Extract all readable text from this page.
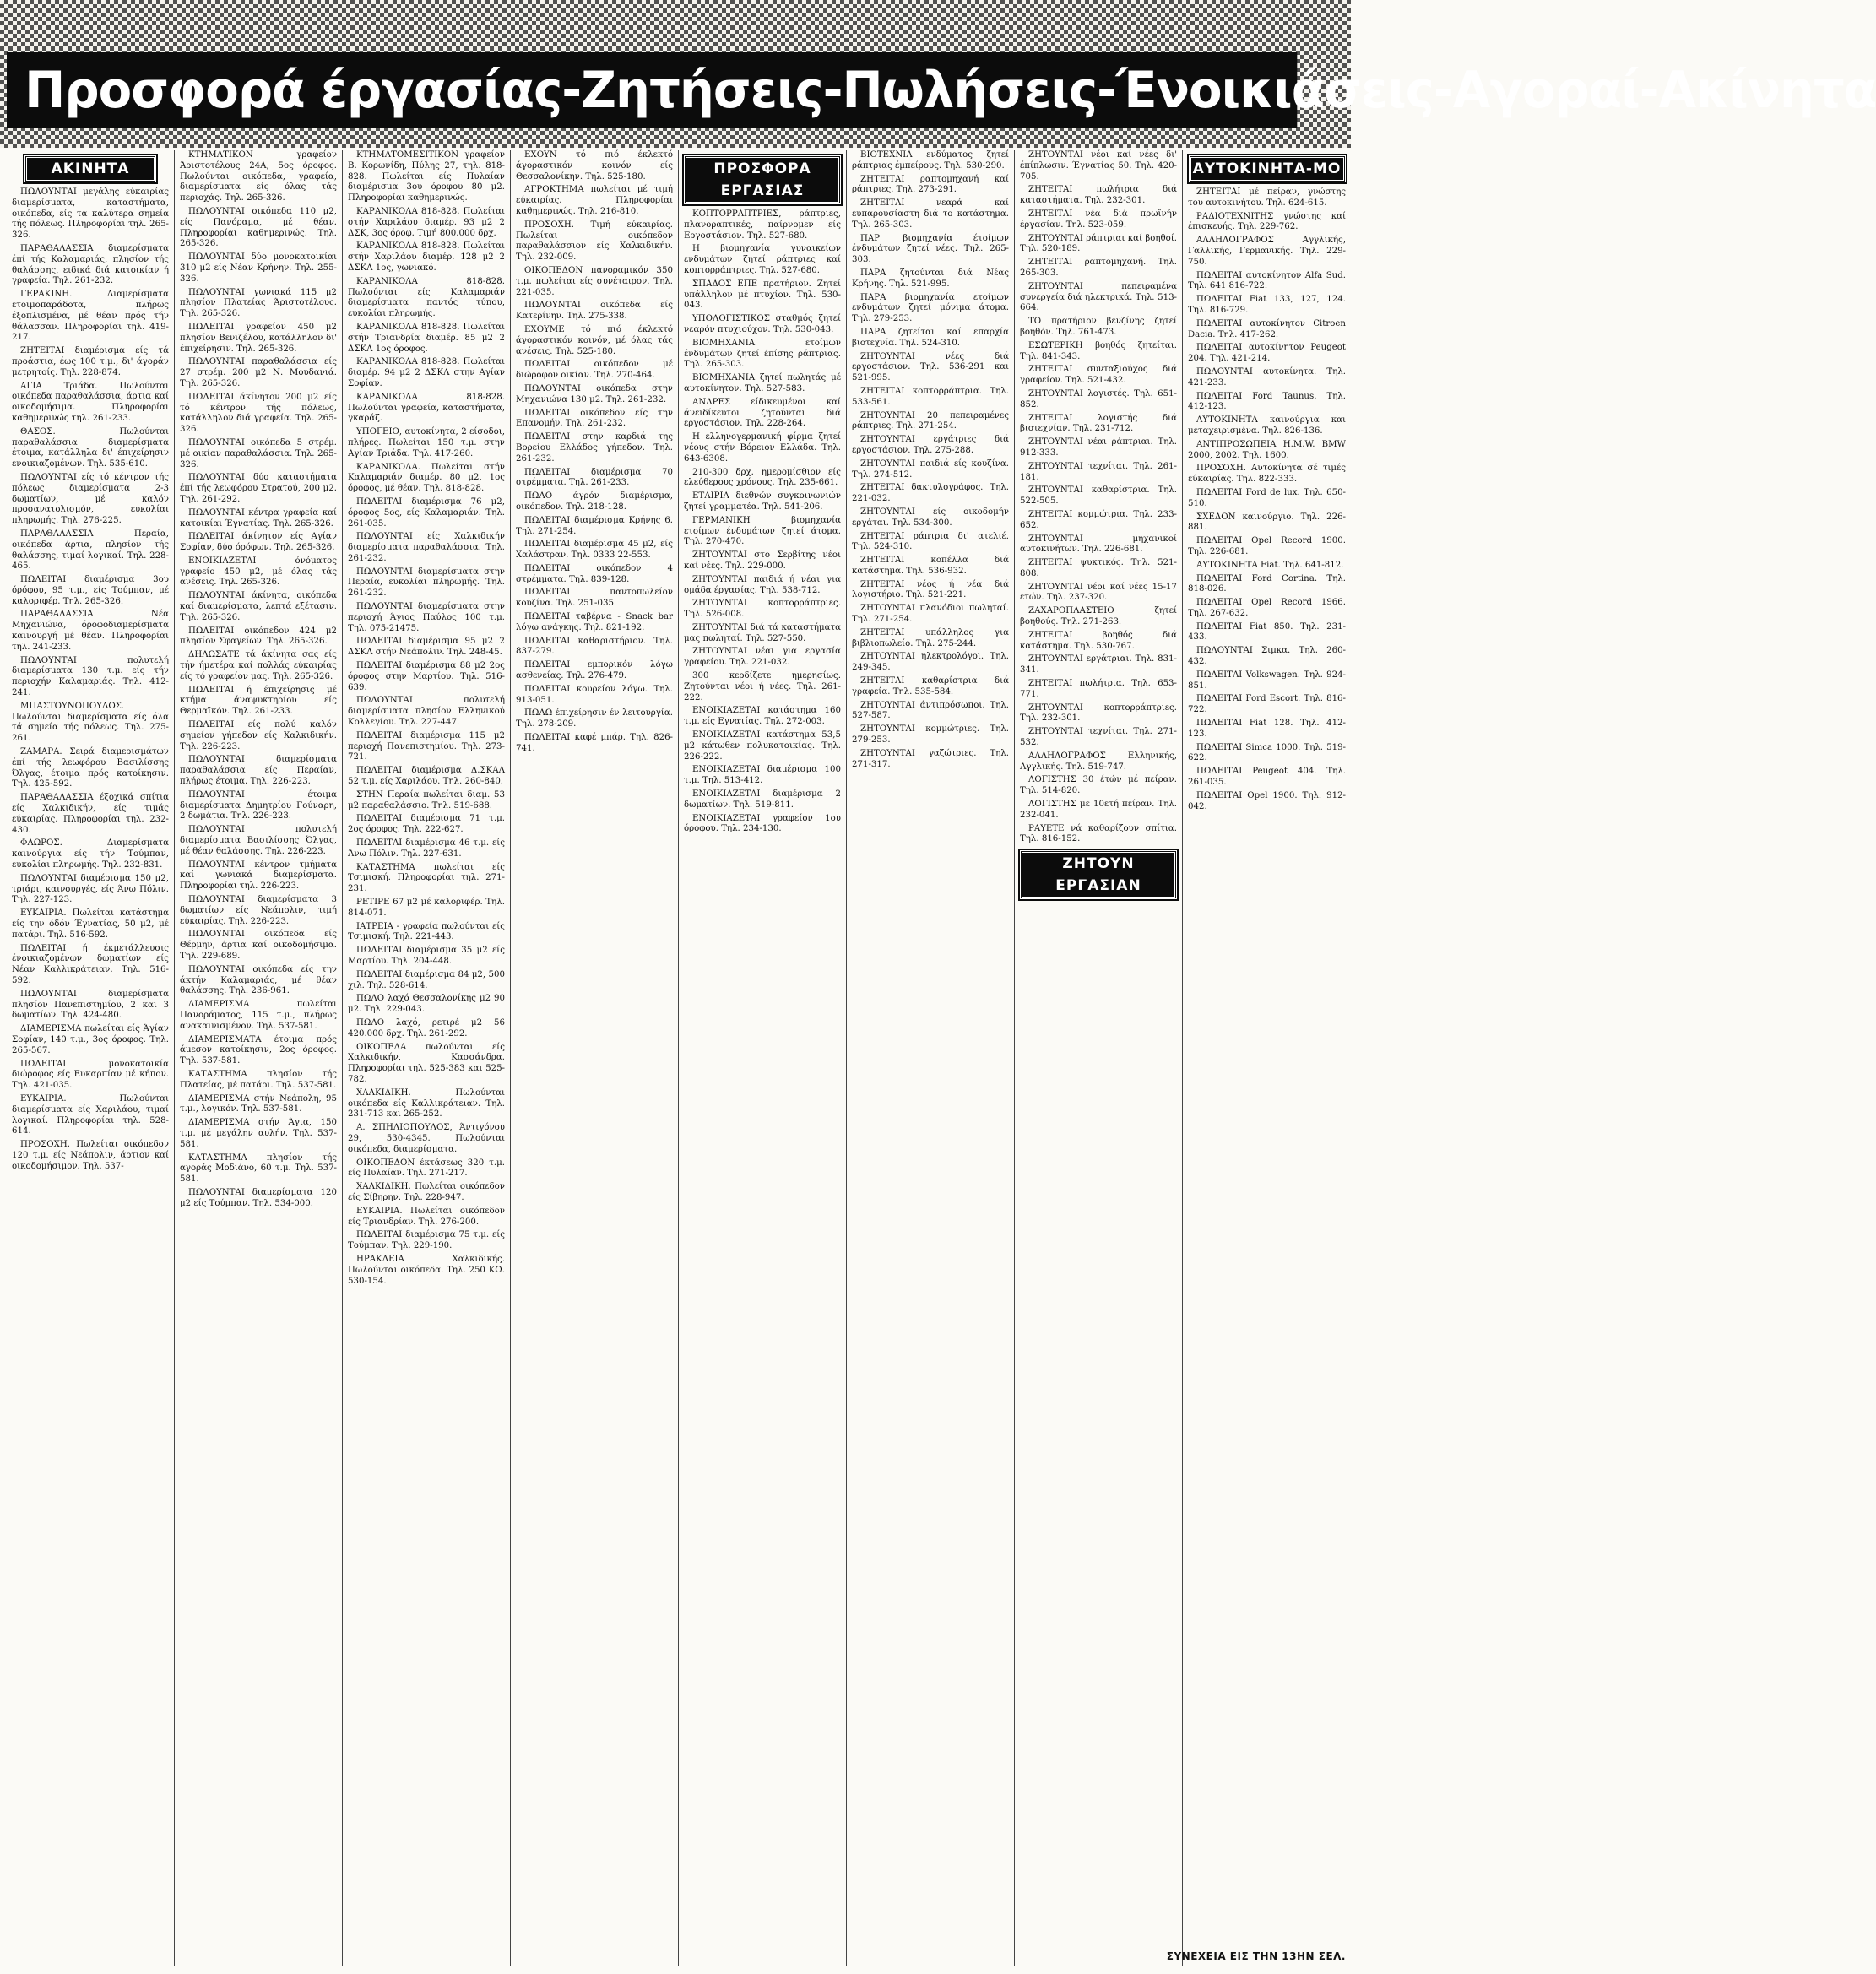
Προσφορά έργασίας-Ζητήσεις-Πωλήσεις-Ένοικιάσεις-Αγοραί-Ακίνητα
ΑΚΙΝΗΤΑ

ΠΩΛΟΥΝΤΑΙ μεγάλης εύκαιρίας διαμερίσματα, καταστήματα, οικόπεδα, είς τα καλύτερα σημεία τής πόλεως. Πληροφορίαι τηλ. 265-326.

ΠΑΡΑΘΑΛΑΣΣΙΑ διαμερίσματα έπί τής Καλαμαριάς, πλησίον τής θαλάσσης, ειδικά διά κατοικίαν ή γραφεία. Τηλ. 261-232.

ΓΕΡΑΚΙΝΗ. Διαμερίσματα ετοιμοπαράδοτα, πλήρως έξοπλισμένα, μέ θέαν πρός τήν θάλασσαν. Πληροφορίαι τηλ. 419-217.

ΖΗΤΕΙΤΑΙ διαμέρισμα είς τά προάστια, έως 100 τ.μ., δι' άγοράν μετρητοίς. Τηλ. 228-874.

ΑΓΙΑ Τριάδα. Πωλούνται οικόπεδα παραθαλάσσια, άρτια καί οικοδομήσιμα. Πληροφορίαι καθημερινώς τηλ. 261-233.

ΘΑΣΟΣ. Πωλούνται παραθαλάσσια διαμερίσματα έτοιμα, κατάλληλα δι' έπιχείρησιν ενοικιαζομένων. Τηλ. 535-610.

ΠΩΛΟΥΝΤΑΙ είς τό κέντρον τής πόλεως διαμερίσματα 2-3 δωματίων, μέ καλόν προσανατολισμόν, ευκολίαι πληρωμής. Τηλ. 276-225.

ΠΑΡΑΘΑΛΑΣΣΙΑ Περαία, οικόπεδα άρτια, πλησίον τής θαλάσσης, τιμαί λογικαί. Τηλ. 228-465.

ΠΩΛΕΙΤΑΙ διαμέρισμα 3ου όρόφου, 95 τ.μ., είς Τούμπαν, μέ καλοριφέρ. Τηλ. 265-326.

ΠΑΡΑΘΑΛΑΣΣΙΑ Νέα Μηχανιώνα, όροφοδιαμερίσματα καινουργή μέ θέαν. Πληροφορίαι τηλ. 241-233.

ΠΩΛΟΥΝΤΑΙ πολυτελή διαμερίσματα 130 τ.μ. είς τήν περιοχήν Καλαμαριάς. Τηλ. 412-241.

ΜΠΑΣΤΟΥΝΟΠΟΥΛΟΣ. Πωλούνται διαμερίσματα είς όλα τά σημεία τής πόλεως. Τηλ. 275-261.

ΖΑΜΑΡΑ. Σειρά διαμερισμάτων έπί τής λεωφόρου Βασιλίσσης Όλγας, έτοιμα πρός κατοίκησιν. Τηλ. 425-592.

ΠΑΡΑΘΑΛΑΣΣΙΑ έξοχικά σπίτια είς Χαλκιδικήν, είς τιμάς εύκαιρίας. Πληροφορίαι τηλ. 232-430.

ΦΛΩΡΟΣ. Διαμερίσματα καινούργια είς τήν Τούμπαν, ευκολίαι πληρωμής. Τηλ. 232-831.

ΠΩΛΟΥΝΤΑΙ διαμέρισμα 150 μ2, τριάρι, καινουργές, είς Άνω Πόλιν. Τηλ. 227-123.

ΕΥΚΑΙΡΙΑ. Πωλείται κατάστημα είς την όδόν Έγνατίας, 50 μ2, μέ πατάρι. Τηλ. 516-592.

ΠΩΛΕΙΤΑΙ ή έκμετάλλευσις ένοικιαζομένων δωματίων είς Νέαν Καλλικράτειαν. Τηλ. 516-592.

ΠΩΛΟΥΝΤΑΙ διαμερίσματα πλησίον Πανεπιστημίου, 2 και 3 δωματίων. Τηλ. 424-480.

ΔΙΑΜΕΡΙΣΜΑ πωλείται είς Άγίαν Σοφίαν, 140 τ.μ., 3ος όροφος. Τηλ. 265-567.

ΠΩΛΕΙΤΑΙ μονοκατοικία διώροφος είς Ευκαρπίαν μέ κήπον. Τηλ. 421-035.

ΕΥΚΑΙΡΙΑ. Πωλούνται διαμερίσματα είς Χαριλάου, τιμαί λογικαί. Πληροφορίαι τηλ. 528-614.

ΠΡΟΣΟΧΗ. Πωλείται οικόπεδον 120 τ.μ. είς Νεάπολιν, άρτιον καί οικοδομήσιμον. Τηλ. 537-

ΚΤΗΜΑΤΙΚΟΝ γραφείον Άριστοτέλους 24Α, 5ος όροφος. Πωλούνται οικόπεδα, γραφεία, διαμερίσματα είς όλας τάς περιοχάς. Τηλ. 265-326.

ΠΩΛΟΥΝΤΑΙ οικόπεδα 110 μ2, είς Πανόραμα, μέ θέαν. Πληροφορίαι καθημερινώς. Τηλ. 265-326.

ΠΩΛΟΥΝΤΑΙ δύο μονοκατοικίαι 310 μ2 είς Νέαν Κρήνην. Τηλ. 255-326.

ΠΩΛΟΥΝΤΑΙ γωνιακά 115 μ2 πλησίον Πλατείας Άριστοτέλους. Τηλ. 265-326.

ΠΩΛΕΙΤΑΙ γραφείον 450 μ2 πλησίον Βενιζέλου, κατάλληλον δι' έπιχείρησιν. Τηλ. 265-326.

ΠΩΛΟΥΝΤΑΙ παραθαλάσσια είς 27 στρέμ. 200 μ2 Ν. Μουδανιά. Τηλ. 265-326.

ΠΩΛΕΙΤΑΙ άκίνητον 200 μ2 είς τό κέντρον τής πόλεως, κατάλληλον διά γραφεία. Τηλ. 265-326.

ΠΩΛΟΥΝΤΑΙ οικόπεδα 5 στρέμ. μέ οικίαν παραθαλάσσια. Τηλ. 265-326.

ΠΩΛΟΥΝΤΑΙ δύο καταστήματα έπί τής λεωφόρου Στρατού, 200 μ2. Τηλ. 261-292.

ΠΩΛΟΥΝΤΑΙ κέντρα γραφεία καί κατοικίαι Έγνατίας. Τηλ. 265-326.

ΠΩΛΕΙΤΑΙ άκίνητον είς Αγίαν Σοφίαν, δύο όρόφων. Τηλ. 265-326.

ΕΝΟΙΚΙΑΖΕΤΑΙ όνόματος γραφείο 450 μ2, μέ όλας τάς ανέσεις. Τηλ. 265-326.

ΠΩΛΟΥΝΤΑΙ άκίνητα, οικόπεδα καί διαμερίσματα, λεπτά εξέτασιν. Τηλ. 265-326.

ΠΩΛΕΙΤΑΙ οικόπεδον 424 μ2 πλησίον Σφαγείων. Τηλ. 265-326.

ΔΗΛΩΣΑΤΕ τά άκίνητα σας είς τήν ήμετέρα καί πολλάς εύκαιρίας είς τό γραφείον μας. Τηλ. 265-326.

ΠΩΛΕΙΤΑΙ ή έπιχείρησις μέ κτήμα άναψυκτηρίου είς Θερμαϊκόν. Τηλ. 261-233.

ΠΩΛΕΙΤΑΙ είς πολύ καλόν σημείον γήπεδον είς Χαλκιδικήν. Τηλ. 226-223.

ΠΩΛΟΥΝΤΑΙ διαμερίσματα παραθαλάσσια είς Περαίαν, πλήρως έτοιμα. Τηλ. 226-223.

ΠΩΛΟΥΝΤΑΙ έτοιμα διαμερίσματα Δημητρίου Γούναρη, 2 δωμάτια. Τηλ. 226-223.

ΠΩΛΟΥΝΤΑΙ πολυτελή διαμερίσματα Βασιλίσσης Όλγας, μέ θέαν θαλάσσης. Τηλ. 226-223.

ΠΩΛΟΥΝΤΑΙ κέντρον τμήματα καί γωνιακά διαμερίσματα. Πληροφορίαι τηλ. 226-223.

ΠΩΛΟΥΝΤΑΙ διαμερίσματα 3 δωματίων είς Νεάπολιν, τιμή εύκαιρίας. Τηλ. 226-223.

ΠΩΛΟΥΝΤΑΙ οικόπεδα είς Θέρμην, άρτια καί οικοδομήσιμα. Τηλ. 229-689.

ΠΩΛΟΥΝΤΑΙ οικόπεδα είς την άκτήν Καλαμαριάς, μέ θέαν θαλάσσης. Τηλ. 236-961.

ΔΙΑΜΕΡΙΣΜΑ πωλείται Πανοράματος, 115 τ.μ., πλήρως ανακαινισμένον. Τηλ. 537-581.

ΔΙΑΜΕΡΙΣΜΑΤΑ έτοιμα πρός άμεσον κατοίκησιν, 2ος όροφος. Τηλ. 537-581.

ΚΑΤΑΣΤΗΜΑ πλησίον τής Πλατείας, μέ πατάρι. Τηλ. 537-581.

ΔΙΑΜΕΡΙΣΜΑ στήν Νεάπολη, 95 τ.μ., λογικόν. Τηλ. 537-581.

ΔΙΑΜΕΡΙΣΜΑ στήν Άγια, 150 τ.μ. μέ μεγάλην αυλήν. Τηλ. 537-581.

ΚΑΤΑΣΤΗΜΑ πλησίον τής αγοράς Μοδιάνο, 60 τ.μ. Τηλ. 537-581.

ΠΩΛΟΥΝΤΑΙ διαμερίσματα 120 μ2 είς Τούμπαν. Τηλ. 534-000.

ΚΤΗΜΑΤΟΜΕΣΙΤΙΚΟΝ γραφείον Β. Κορωνίδη, Πύλης 27, τηλ. 818-828. Πωλείται είς Πυλαίαν διαμέρισμα 3ου όροφου 80 μ2. Πληροφορίαι καθημερινώς.

ΚΑΡΑΝΙΚΟΛΑ 818-828. Πωλείται στήν Χαριλάου διαμέρ. 93 μ2 2 ΔΣΚ, 3ος όροφ. Τιμή 800.000 δρχ.

ΚΑΡΑΝΙΚΟΛΑ 818-828. Πωλείται στήν Χαριλάου διαμέρ. 128 μ2 2 ΔΣΚΛ 1ος, γωνιακό.

ΚΑΡΑΝΙΚΟΛΑ 818-828. Πωλούνται είς Καλαμαριάν διαμερίσματα παντός τύπου, ευκολίαι πληρωμής.

ΚΑΡΑΝΙΚΟΛΑ 818-828. Πωλείται στήν Τριανδρία διαμέρ. 85 μ2 2 ΔΣΚΛ 1ος όροφος.

ΚΑΡΑΝΙΚΟΛΑ 818-828. Πωλείται διαμέρ. 94 μ2 2 ΔΣΚΛ στην Αγίαν Σοφίαν.

ΚΑΡΑΝΙΚΟΛΑ 818-828. Πωλούνται γραφεία, καταστήματα, γκαράζ.

ΥΠΟΓΕΙΟ, αυτοκίνητα, 2 είσοδοι, πλήρες. Πωλείται 150 τ.μ. στην Αγίαν Τριάδα. Τηλ. 417-260.

ΚΑΡΑΝΙΚΟΛΑ. Πωλείται στήν Καλαμαριάν διαμέρ. 80 μ2, 1ος όροφος, μέ θέαν. Τηλ. 818-828.

ΠΩΛΕΙΤΑΙ διαμέρισμα 76 μ2, όροφος 5ος, είς Καλαμαριάν. Τηλ. 261-035.

ΠΩΛΟΥΝΤΑΙ είς Χαλκιδικήν διαμερίσματα παραθαλάσσια. Τηλ. 261-232.

ΠΩΛΟΥΝΤΑΙ διαμερίσματα στην Περαία, ευκολίαι πληρωμής. Τηλ. 261-232.

ΠΩΛΟΥΝΤΑΙ διαμερίσματα στην περιοχή Άγιος Παύλος 100 τ.μ. Τηλ. 075-21475.

ΠΩΛΕΙΤΑΙ διαμέρισμα 95 μ2 2 ΔΣΚΛ στήν Νεάπολιν. Τηλ. 248-45.

ΠΩΛΕΙΤΑΙ διαμέρισμα 88 μ2 2ος όροφος στην Μαρτίου. Τηλ. 516-639.

ΠΩΛΟΥΝΤΑΙ πολυτελή διαμερίσματα πλησίον Ελληνικού Κολλεγίου. Τηλ. 227-447.

ΠΩΛΕΙΤΑΙ διαμέρισμα 115 μ2 περιοχή Πανεπιστημίου. Τηλ. 273-721.

ΠΩΛΕΙΤΑΙ διαμέρισμα Δ.ΣΚΑΛ 52 τ.μ. είς Χαριλάου. Τηλ. 260-840.

ΣΤΗΝ Περαία πωλείται διαμ. 53 μ2 παραθαλάσσιο. Τηλ. 519-688.

ΠΩΛΕΙΤΑΙ διαμέρισμα 71 τ.μ. 2ος όροφος. Τηλ. 222-627.

ΠΩΛΕΙΤΑΙ διαμέρισμα 46 τ.μ. είς Άνω Πόλιν. Τηλ. 227-631.

ΚΑΤΑΣΤΗΜΑ πωλείται είς Τσιμισκή. Πληροφορίαι τηλ. 271-231.

ΡΕΤΙΡΕ 67 μ2 μέ καλοριφέρ. Τηλ. 814-071.

ΙΑΤΡΕΙΑ - γραφεία πωλούνται είς Τσιμισκή. Τηλ. 221-443.

ΠΩΛΕΙΤΑΙ διαμέρισμα 35 μ2 είς Μαρτίου. Τηλ. 204-448.

ΠΩΛΕΙΤΑΙ διαμέρισμα 84 μ2, 500 χιλ. Τηλ. 528-614.

ΠΩΛΟ λαχό Θεσσαλονίκης μ2 90 μ2. Τηλ. 229-043.

ΠΩΛΟ λαχό, ρετιρέ μ2 56 420.000 δρχ. Τηλ. 261-292.

ΟΙΚΟΠΕΔΑ πωλούνται είς Χαλκιδικήν, Κασσάνδρα. Πληροφορίαι τηλ. 525-383 και 525-782.

ΧΑΛΚΙΔΙΚΗ. Πωλούνται οικόπεδα είς Καλλικράτειαν. Τηλ. 231-713 και 265-252.

Α. ΣΠΗΛΙΟΠΟΥΛΟΣ, Άντιγόνου 29, 530-4345. Πωλούνται οικόπεδα, διαμερίσματα.

ΟΙΚΟΠΕΔΟΝ έκτάσεως 320 τ.μ. είς Πυλαίαν. Τηλ. 271-217.

ΧΑΛΚΙΔΙΚΗ. Πωλείται οικόπεδον είς Σίβηρην. Τηλ. 228-947.

ΕΥΚΑΙΡΙΑ. Πωλείται οικόπεδον είς Τριανδρίαν. Τηλ. 276-200.

ΠΩΛΕΙΤΑΙ διαμέρισμα 75 τ.μ. είς Τούμπαν. Τηλ. 229-190.

ΗΡΑΚΛΕΙΑ Χαλκιδικής. Πωλούνται οικόπεδα. Τηλ. 250 ΚΩ. 530-154.

ΕΧΟΥΝ τό πιό έκλεκτό άγοραστικόν κοινόν είς Θεσσαλονίκην. Τηλ. 525-180.

ΑΓΡΟΚΤΗΜΑ πωλείται μέ τιμή εύκαιρίας. Πληροφορίαι καθημερινώς. Τηλ. 216-810.

ΠΡΟΣΟΧΗ. Τιμή εύκαιρίας. Πωλείται οικόπεδον παραθαλάσσιον είς Χαλκιδικήν. Τηλ. 232-009.

ΟΙΚΟΠΕΔΟΝ πανοραμικόν 350 τ.μ. πωλείται είς συνέταιρον. Τηλ. 221-035.

ΠΩΛΟΥΝΤΑΙ οικόπεδα είς Κατερίνην. Τηλ. 275-338.

ΕΧΟΥΜΕ τό πιό έκλεκτό άγοραστικόν κοινόν, μέ όλας τάς ανέσεις. Τηλ. 525-180.

ΠΩΛΕΙΤΑΙ οικόπεδον μέ διώροφον οικίαν. Τηλ. 270-464.

ΠΩΛΟΥΝΤΑΙ οικόπεδα στην Μηχανιώνα 130 μ2. Τηλ. 261-232.

ΠΩΛΕΙΤΑΙ οικόπεδον είς την Επανομήν. Τηλ. 261-232.

ΠΩΛΕΙΤΑΙ στην καρδιά της Βορείου Ελλάδος γήπεδον. Τηλ. 261-232.

ΠΩΛΕΙΤΑΙ διαμέρισμα 70 στρέμματα. Τηλ. 261-233.

ΠΩΛΟ άγρόν διαμέρισμα, οικόπεδον. Τηλ. 218-128.

ΠΩΛΕΙΤΑΙ διαμέρισμα Κρήνης 6. Τηλ. 271-254.

ΠΩΛΕΙΤΑΙ διαμέρισμα 45 μ2, είς Χαλάστραν. Τηλ. 0333 22-553.

ΠΩΛΕΙΤΑΙ οικόπεδον 4 στρέμματα. Τηλ. 839-128.

ΠΩΛΕΙΤΑΙ παντοπωλείον κουζίνα. Τηλ. 251-035.

ΠΩΛΕΙΤΑΙ ταβέρνα - Snack bar λόγω ανάγκης. Τηλ. 821-192.

ΠΩΛΕΙΤΑΙ καθαριστήριον. Τηλ. 837-279.

ΠΩΛΕΙΤΑΙ εμπορικόν λόγω ασθενείας. Τηλ. 276-479.

ΠΩΛΕΙΤΑΙ κουρείον λόγω. Τηλ. 913-051.

ΠΩΛΩ έπιχείρησιν έν λειτουργία. Τηλ. 278-209.

ΠΩΛΕΙΤΑΙ καφέ μπάρ. Τηλ. 826-741.

ΠΡΟΣΦΟΡΑ ΕΡΓΑΣΙΑΣ

ΚΟΠΤΟΡΡΑΠΤΡΙΕΣ, ράπτριες, πλανοραπτικές, παίρνομεν είς Εργοστάσιον. Τηλ. 527-680.

Η βιομηχανία γυναικείων ενδυμάτων ζητεί ράπτριες καί κοπτορράπτριες. Τηλ. 527-680.

ΣΠΑΔΟΣ ΕΠΕ πρατήριον. Ζητεί υπάλληλον μέ πτυχίον. Τηλ. 530-043.

ΥΠΟΛΟΓΙΣΤΙΚΟΣ σταθμός ζητεί νεαρόν πτυχιούχον. Τηλ. 530-043.

ΒΙΟΜΗΧΑΝΙΑ ετοίμων ένδυμάτων ζητεί έπίσης ράπτριας. Τηλ. 265-303.

ΒΙΟΜΗΧΑΝΙΑ ζητεί πωλητάς μέ αυτοκίνητον. Τηλ. 527-583.

ΑΝΔΡΕΣ είδικευμένοι καί άνειδίκευτοι ζητούνται διά εργοστάσιον. Τηλ. 228-264.

Η ελληνογερμανική φίρμα ζητεί νέους στήν Βόρειον Ελλάδα. Τηλ. 643-6308.

210-300 δρχ. ημερομίσθιον είς ελεύθερους χρόνους. Τηλ. 235-661.

ΕΤΑΙΡΙΑ διεθνών συγκοινωνιών ζητεί γραμματέα. Τηλ. 541-206.

ΓΕΡΜΑΝΙΚΗ βιομηχανία ετοίμων ένδυμάτων ζητεί άτομα. Τηλ. 270-470.

ΖΗΤΟΥΝΤΑΙ στο Σερβίτης νέοι καί νέες. Τηλ. 229-000.

ΖΗΤΟΥΝΤΑΙ παιδιά ή νέαι για ομάδα έργασίας. Τηλ. 538-712.

ΖΗΤΟΥΝΤΑΙ κοπτορράπτριες. Τηλ. 526-008.

ΖΗΤΟΥΝΤΑΙ διά τά καταστήματα μας πωληταί. Τηλ. 527-550.

ΖΗΤΟΥΝΤΑΙ νέαι για εργασία γραφείου. Τηλ. 221-032.

300 κερδίζετε ημερησίως. Ζητούνται νέοι ή νέες. Τηλ. 261-222.

ΕΝΟΙΚΙΑΖΕΤΑΙ κατάστημα 160 τ.μ. είς Εγνατίας. Τηλ. 272-003.

ΕΝΟΙΚΙΑΖΕΤΑΙ κατάστημα 53,5 μ2 κάτωθεν πολυκατοικίας. Τηλ. 226-222.

ΕΝΟΙΚΙΑΖΕΤΑΙ διαμέρισμα 100 τ.μ. Τηλ. 513-412.

ΕΝΟΙΚΙΑΖΕΤΑΙ διαμέρισμα 2 δωματίων. Τηλ. 519-811.

ΕΝΟΙΚΙΑΖΕΤΑΙ γραφείον 1ου όροφου. Τηλ. 234-130.

ΒΙΟΤΕΧΝΙΑ ενδύματος ζητεί ράπτριας έμπείρους. Τηλ. 530-290.

ΖΗΤΕΙΤΑΙ ραπτομηχανή καί ράπτριες. Τηλ. 273-291.

ΖΗΤΕΙΤΑΙ νεαρά καί ευπαρουσίαστη διά το κατάστημα. Τηλ. 265-303.

ΠΑΡ' βιομηχανία έτοίμων ένδυμάτων ζητεί νέες. Τηλ. 265-303.

ΠΑΡΑ ζητούνται διά Νέας Κρήνης. Τηλ. 521-995.

ΠΑΡΑ βιομηχανία ετοίμων ενδυμάτων ζητεί μόνιμα άτομα. Τηλ. 279-253.

ΠΑΡΑ ζητείται καί επαρχία βιοτεχνία. Τηλ. 524-310.

ΖΗΤΟΥΝΤΑΙ νέες διά εργοστάσιον. Τηλ. 536-291 και 521-995.

ΖΗΤΕΙΤΑΙ κοπτορράπτρια. Τηλ. 533-561.

ΖΗΤΟΥΝΤΑΙ 20 πεπειραμένες ράπτριες. Τηλ. 271-254.

ΖΗΤΟΥΝΤΑΙ εργάτριες διά εργοστάσιον. Τηλ. 275-288.

ΖΗΤΟΥΝΤΑΙ παιδιά είς κουζίνα. Τηλ. 274-512.

ΖΗΤΕΙΤΑΙ δακτυλογράφος. Τηλ. 221-032.

ΖΗΤΟΥΝΤΑΙ είς οικοδομήν εργάται. Τηλ. 534-300.

ΖΗΤΕΙΤΑΙ ράπτρια δι' ατελιέ. Τηλ. 524-310.

ΖΗΤΕΙΤΑΙ κοπέλλα διά κατάστημα. Τηλ. 536-932.

ΖΗΤΕΙΤΑΙ νέος ή νέα διά λογιστήριο. Τηλ. 521-221.

ΖΗΤΟΥΝΤΑΙ πλανόδιοι πωληταί. Τηλ. 271-254.

ΖΗΤΕΙΤΑΙ υπάλληλος για βιβλιοπωλείο. Τηλ. 275-244.

ΖΗΤΟΥΝΤΑΙ ηλεκτρολόγοι. Τηλ. 249-345.

ΖΗΤΕΙΤΑΙ καθαρίστρια διά γραφεία. Τηλ. 535-584.

ΖΗΤΟΥΝΤΑΙ άντιπρόσωποι. Τηλ. 527-587.

ΖΗΤΟΥΝΤΑΙ κομμώτριες. Τηλ. 279-253.

ΖΗΤΟΥΝΤΑΙ γαζώτριες. Τηλ. 271-317.

ΖΗΤΟΥΝΤΑΙ νέοι καί νέες δι' έπίπλωσιν. Έγνατίας 50. Τηλ. 420-705.

ΖΗΤΕΙΤΑΙ πωλήτρια διά καταστήματα. Τηλ. 232-301.

ΖΗΤΕΙΤΑΙ νέα διά πρωϊνήν έργασίαν. Τηλ. 523-059.

ΖΗΤΟΥΝΤΑΙ ράπτριαι καί βοηθοί. Τηλ. 520-189.

ΖΗΤΕΙΤΑΙ ραπτομηχανή. Τηλ. 265-303.

ΖΗΤΟΥΝΤΑΙ πεπειραμένα συνεργεία διά ηλεκτρικά. Τηλ. 513-664.

ΤΟ πρατήριον βενζίνης ζητεί βοηθόν. Τηλ. 761-473.

ΕΣΩΤΕΡΙΚΗ βοηθός ζητείται. Τηλ. 841-343.

ΖΗΤΕΙΤΑΙ συνταξιούχος διά γραφείον. Τηλ. 521-432.

ΖΗΤΟΥΝΤΑΙ λογιστές. Τηλ. 651-852.

ΖΗΤΕΙΤΑΙ λογιστής διά βιοτεχνίαν. Τηλ. 231-712.

ΖΗΤΟΥΝΤΑΙ νέαι ράπτριαι. Τηλ. 912-333.

ΖΗΤΟΥΝΤΑΙ τεχνίται. Τηλ. 261-181.

ΖΗΤΟΥΝΤΑΙ καθαρίστρια. Τηλ. 522-505.

ΖΗΤΕΙΤΑΙ κομμώτρια. Τηλ. 233-652.

ΖΗΤΟΥΝΤΑΙ μηχανικοί αυτοκινήτων. Τηλ. 226-681.

ΖΗΤΕΙΤΑΙ ψυκτικός. Τηλ. 521-808.

ΖΗΤΟΥΝΤΑΙ νέοι καί νέες 15-17 ετών. Τηλ. 237-320.

ΖΑΧΑΡΟΠΛΑΣΤΕΙΟ ζητεί βοηθούς. Τηλ. 271-263.

ΖΗΤΕΙΤΑΙ βοηθός διά κατάστημα. Τηλ. 530-767.

ΖΗΤΟΥΝΤΑΙ εργάτριαι. Τηλ. 831-341.

ΖΗΤΕΙΤΑΙ πωλήτρια. Τηλ. 653-771.

ΖΗΤΟΥΝΤΑΙ κοπτορράπτριες. Τηλ. 232-301.

ΖΗΤΟΥΝΤΑΙ τεχνίται. Τηλ. 271-532.

ΑΛΛΗΛΟΓΡΑΦΟΣ Ελληνικής, Αγγλικής. Τηλ. 519-747.

ΛΟΓΙΣΤΗΣ 30 έτών μέ πείραν. Τηλ. 514-820.

ΛΟΓΙΣΤΗΣ με 10ετή πείραν. Τηλ. 232-041.

ΡΑΥΕΤΕ νά καθαρίζουν σπίτια. Τηλ. 816-152.

ΖΗΤΟΥΝ ΕΡΓΑΣΙΑΝ
ΑΥΤΟΚΙΝΗΤΑ-ΜΟ

ΖΗΤΕΙΤΑΙ μέ πείραν, γνώστης του αυτοκινήτου. Τηλ. 624-615.

ΡΑΔΙΟΤΕΧΝΙΤΗΣ γνώστης καί έπισκευής. Τηλ. 229-762.

ΑΛΛΗΛΟΓΡΑΦΟΣ Αγγλικής, Γαλλικής, Γερμανικής. Τηλ. 229-750.

ΠΩΛΕΙΤΑΙ αυτοκίνητον Alfa Sud. Τηλ. 641 816-722.

ΠΩΛΕΙΤΑΙ Fiat 133, 127, 124. Τηλ. 816-729.

ΠΩΛΕΙΤΑΙ αυτοκίνητον Citroen Dacia. Τηλ. 417-262.

ΠΩΛΕΙΤΑΙ αυτοκίνητον Peugeot 204. Τηλ. 421-214.

ΠΩΛΟΥΝΤΑΙ αυτοκίνητα. Τηλ. 421-233.

ΠΩΛΕΙΤΑΙ Ford Taunus. Τηλ. 412-123.

ΑΥΤΟΚΙΝΗΤΑ καινούργια και μεταχειρισμένα. Τηλ. 826-136.

ΑΝΤΙΠΡΟΣΩΠΕΙΑ Η.Μ.W. BMW 2000, 2002. Τηλ. 1600.

ΠΡΟΣΟΧΗ. Αυτοκίνητα σέ τιμές εύκαιρίας. Τηλ. 822-333.

ΠΩΛΕΙΤΑΙ Ford de lux. Τηλ. 650-510.

ΣΧΕΔΟΝ καινούργιο. Τηλ. 226-881.

ΠΩΛΕΙΤΑΙ Opel Record 1900. Τηλ. 226-681.

ΑΥΤΟΚΙΝΗΤΑ Fiat. Τηλ. 641-812.

ΠΩΛΕΙΤΑΙ Ford Cortina. Τηλ. 818-026.

ΠΩΛΕΙΤΑΙ Opel Record 1966. Τηλ. 267-632.

ΠΩΛΕΙΤΑΙ Fiat 850. Τηλ. 231-433.

ΠΩΛΟΥΝΤΑΙ Σιμκα. Τηλ. 260-432.

ΠΩΛΕΙΤΑΙ Volkswagen. Τηλ. 924-851.

ΠΩΛΕΙΤΑΙ Ford Escort. Τηλ. 816-722.

ΠΩΛΕΙΤΑΙ Fiat 128. Τηλ. 412-123.

ΠΩΛΕΙΤΑΙ Simca 1000. Τηλ. 519-622.

ΠΩΛΕΙΤΑΙ Peugeot 404. Τηλ. 261-035.

ΠΩΛΕΙΤΑΙ Opel 1900. Τηλ. 912-042.

ΣΥΝΕΧΕΙΑ ΕΙΣ ΤΗΝ 13ΗΝ ΣΕΛ.
